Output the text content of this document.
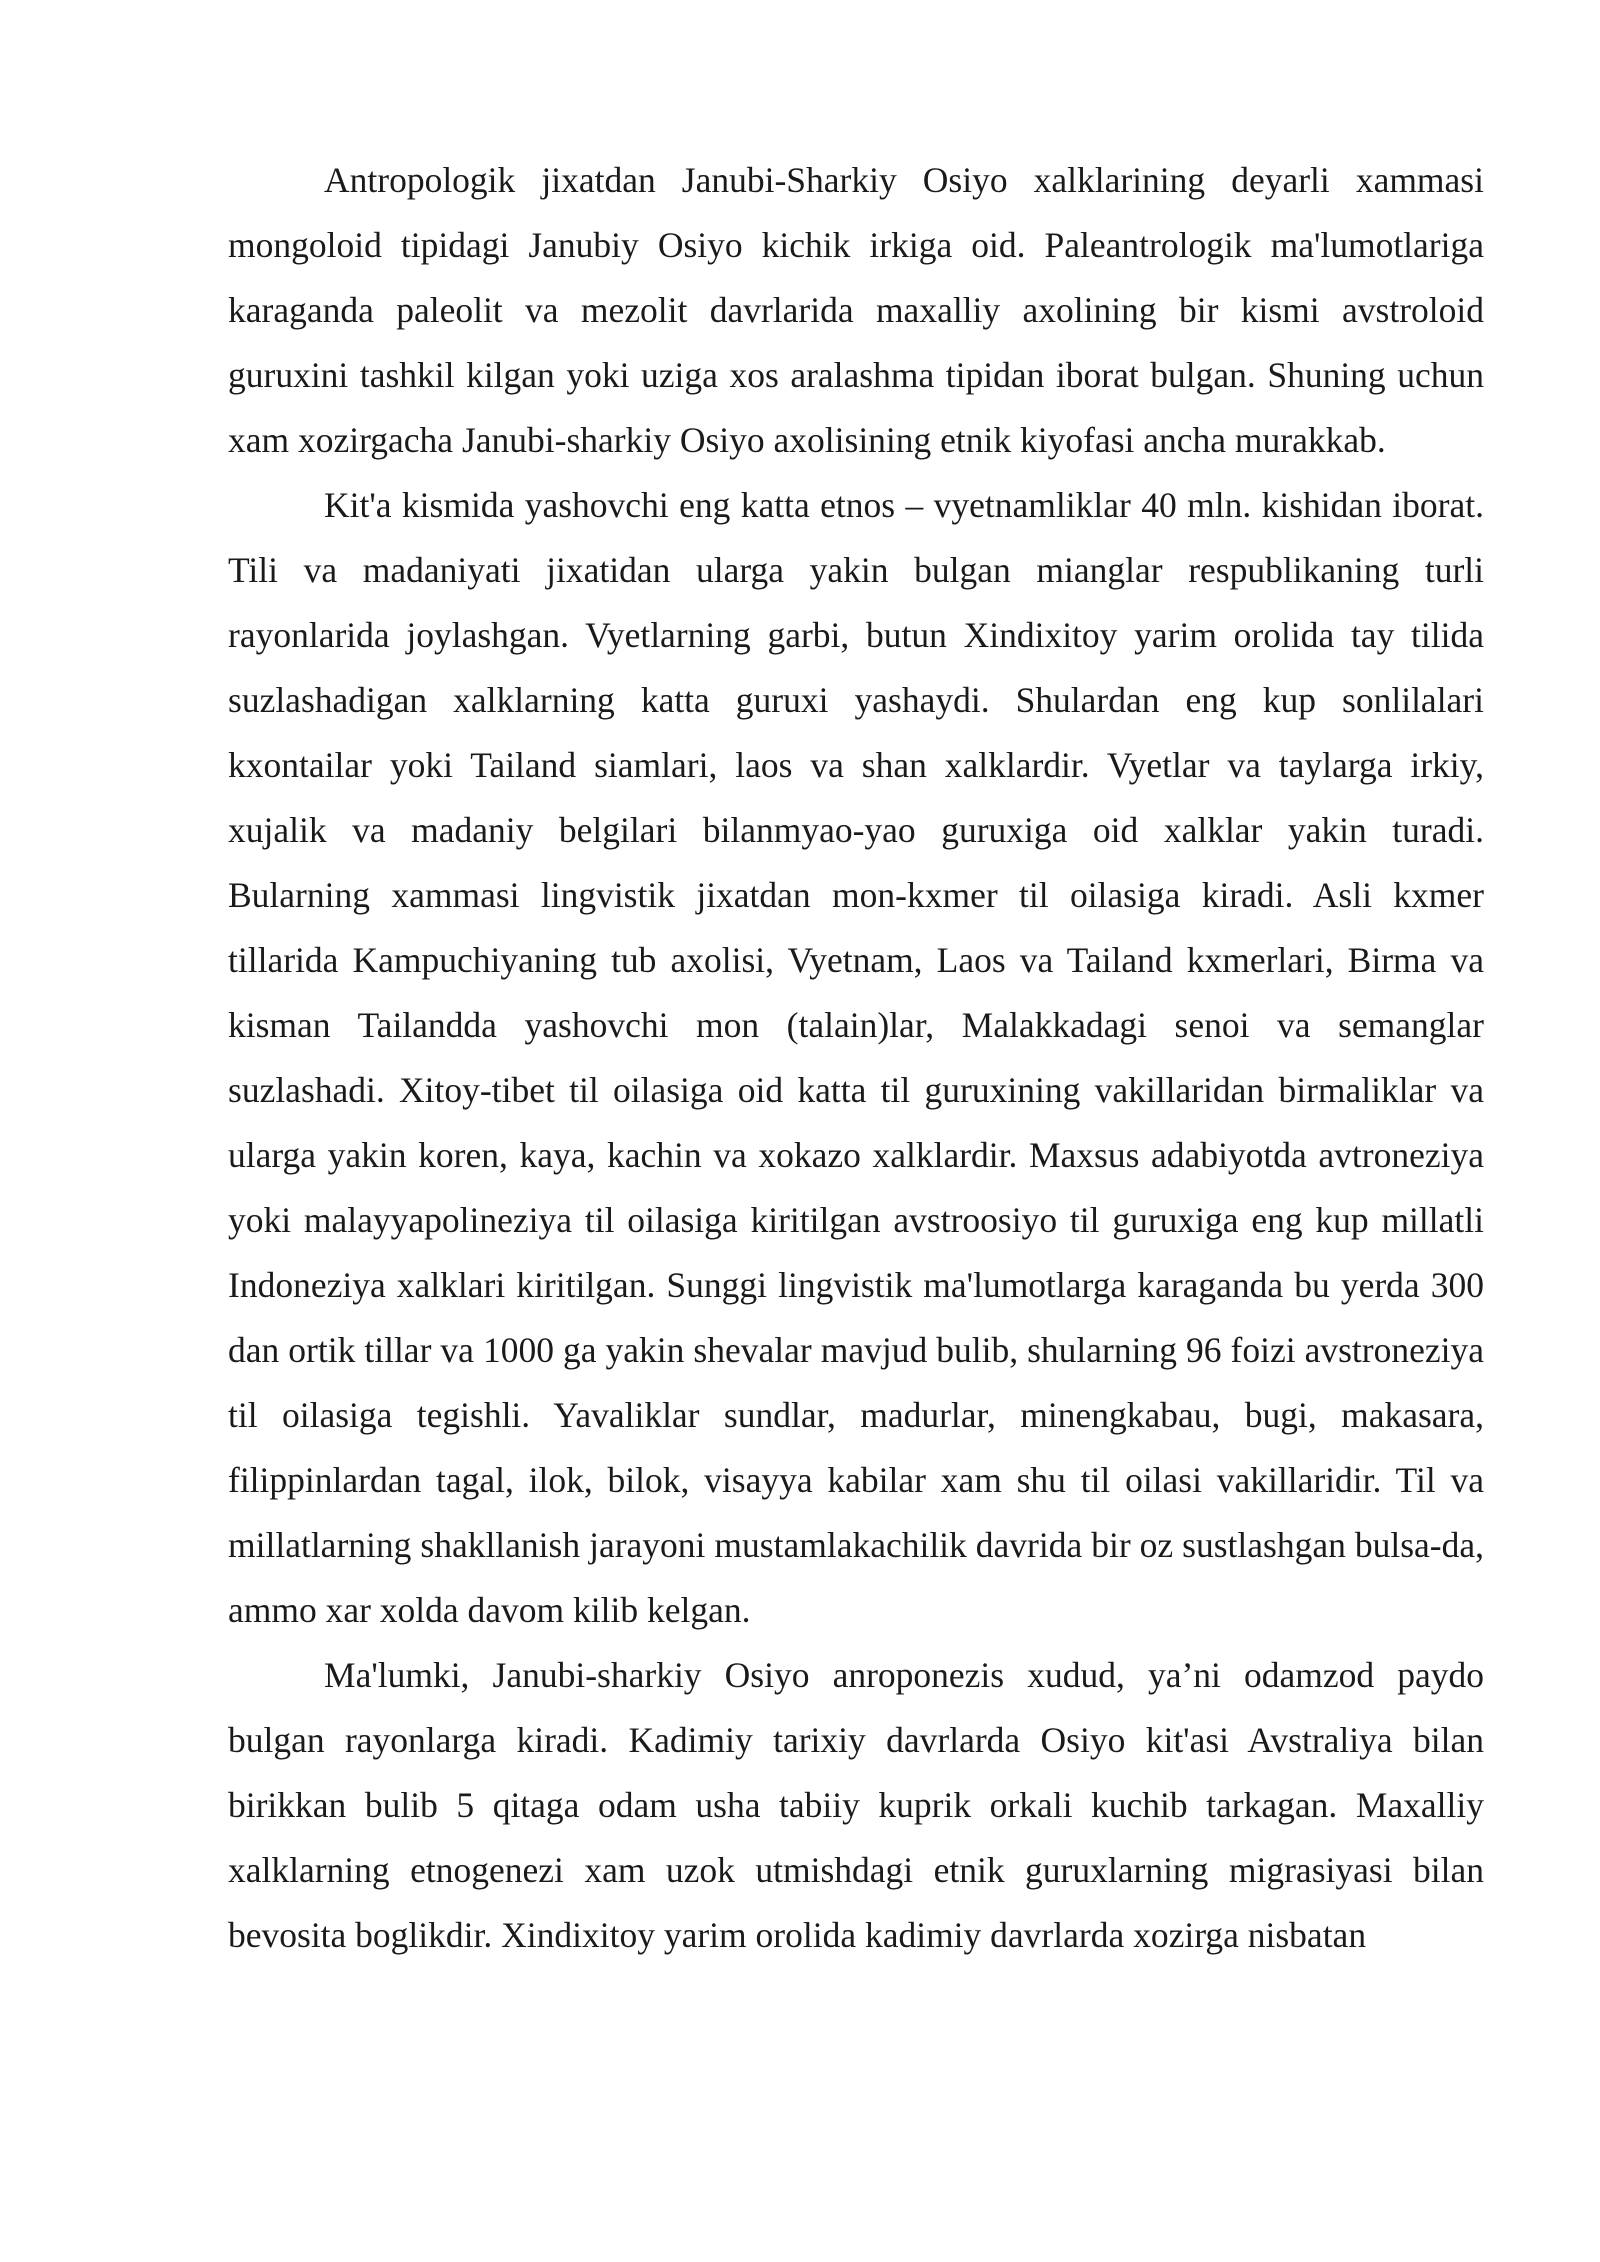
Antropologik jixatdan Janubi-Sharkiy Osiyo xalklarining deyarli xammasi mongoloid tipidagi Janubiy Osiyo kichik irkiga oid. Paleantrologik ma'lumotlariga karaganda paleolit va mezolit davrlarida maxalliy axolining bir kismi avstroloid guruxini tashkil kilgan yoki uziga xos aralashma tipidan iborat bulgan. Shuning uchun xam xozirgacha Janubi-sharkiy Osiyo axolisining etnik kiyofasi ancha murakkab.

Kit'a kismida yashovchi eng katta etnos – vyetnamliklar 40 mln. kishidan iborat. Tili va madaniyati jixatidan ularga yakin bulgan mianglar respublikaning turli rayonlarida joylashgan. Vyetlarning garbi, butun Xindixitoy yarim orolida tay tilida suzlashadigan xalklarning katta guruxi yashaydi. Shulardan eng kup sonlilalari kxontailar yoki Tailand siamlari, laos va shan xalklardir. Vyetlar va taylarga irkiy, xujalik va madaniy belgilari bilanmyao-yao guruxiga oid xalklar yakin turadi. Bularning xammasi lingvistik jixatdan mon-kxmer til oilasiga kiradi. Asli kxmer tillarida Kampuchiyaning tub axolisi, Vyetnam, Laos va Tailand kxmerlari, Birma va kisman Tailandda yashovchi mon (talain)lar, Malakkadagi senoi va semanglar suzlashadi. Xitoy-tibet til oilasiga oid katta til guruxining vakillaridan birmaliklar va ularga yakin koren, kaya, kachin va xokazo xalklardir. Maxsus adabiyotda avtroneziya yoki malayyapolineziya til oilasiga kiritilgan avstroosiyo til guruxiga eng kup millatli Indoneziya xalklari kiritilgan. Sunggi lingvistik ma'lumotlarga karaganda bu yerda 300 dan ortik tillar va 1000 ga yakin shevalar mavjud bulib, shularning 96 foizi avstroneziya til oilasiga tegishli. Yavaliklar sundlar, madurlar, minengkabau, bugi, makasara, filippinlardan tagal, ilok, bilok, visayya kabilar xam shu til oilasi vakillaridir. Til va millatlarning shakllanish jarayoni mustamlakachilik davrida bir oz sustlashgan bulsa-da, ammo xar xolda davom kilib kelgan.

Ma'lumki, Janubi-sharkiy Osiyo anroponezis xudud, ya’ni odamzod paydo bulgan rayonlarga kiradi. Kadimiy tarixiy davrlarda Osiyo kit'asi Avstraliya bilan birikkan bulib 5 qitaga odam usha tabiiy kuprik orkali kuchib tarkagan. Maxalliy xalklarning etnogenezi xam uzok utmishdagi etnik guruxlarning migrasiyasi bilan bevosita boglikdir. Xindixitoy yarim orolida kadimiy davrlarda xozirga nisbatan
